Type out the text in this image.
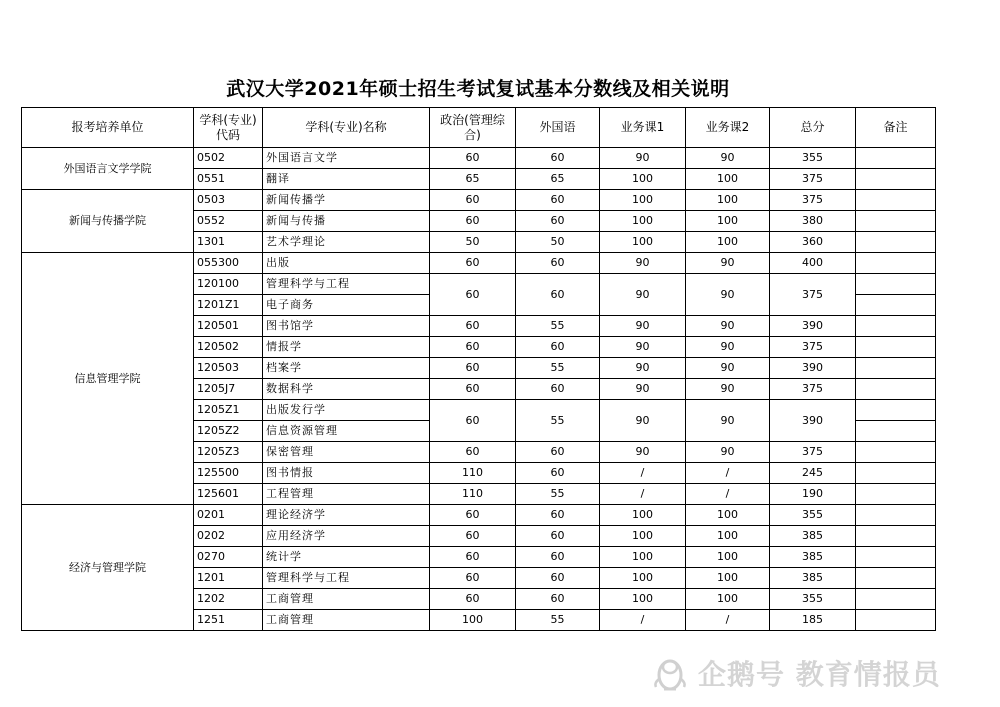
武汉大学2021年硕士招生考试复试基本分数线及相关说明
报考培养单位	学科(专业)代码	学科(专业)名称	政治(管理综合)	外国语	业务课1	业务课2	总分	备注
外国语言文学学院	0502	外国语言文学	60	60	90	90	355	
	0551	翻译	65	65	100	100	375	
新闻与传播学院	0503	新闻传播学	60	60	100	100	375	
	0552	新闻与传播	60	60	100	100	380	
	1301	艺术学理论	50	50	100	100	360	
信息管理学院	055300	出版	60	60	90	90	400	
	120100	管理科学与工程	60	60	90	90	375	
	1201Z1	电子商务						
	120501	图书馆学	60	55	90	90	390	
	120502	情报学	60	60	90	90	375	
	120503	档案学	60	55	90	90	390	
	1205J7	数据科学	60	60	90	90	375	
	1205Z1	出版发行学	60	55	90	90	390	
	1205Z2	信息资源管理						
	1205Z3	保密管理	60	60	90	90	375	
	125500	图书情报	110	60	/	/	245	
	125601	工程管理	110	55	/	/	190	
经济与管理学院	0201	理论经济学	60	60	100	100	355	
	0202	应用经济学	60	60	100	100	385	
	0270	统计学	60	60	100	100	385	
	1201	管理科学与工程	60	60	100	100	385	
	1202	工商管理	60	60	100	100	355	
	1251	工商管理	100	55	/	/	185	
企鹅号 教育情报员
